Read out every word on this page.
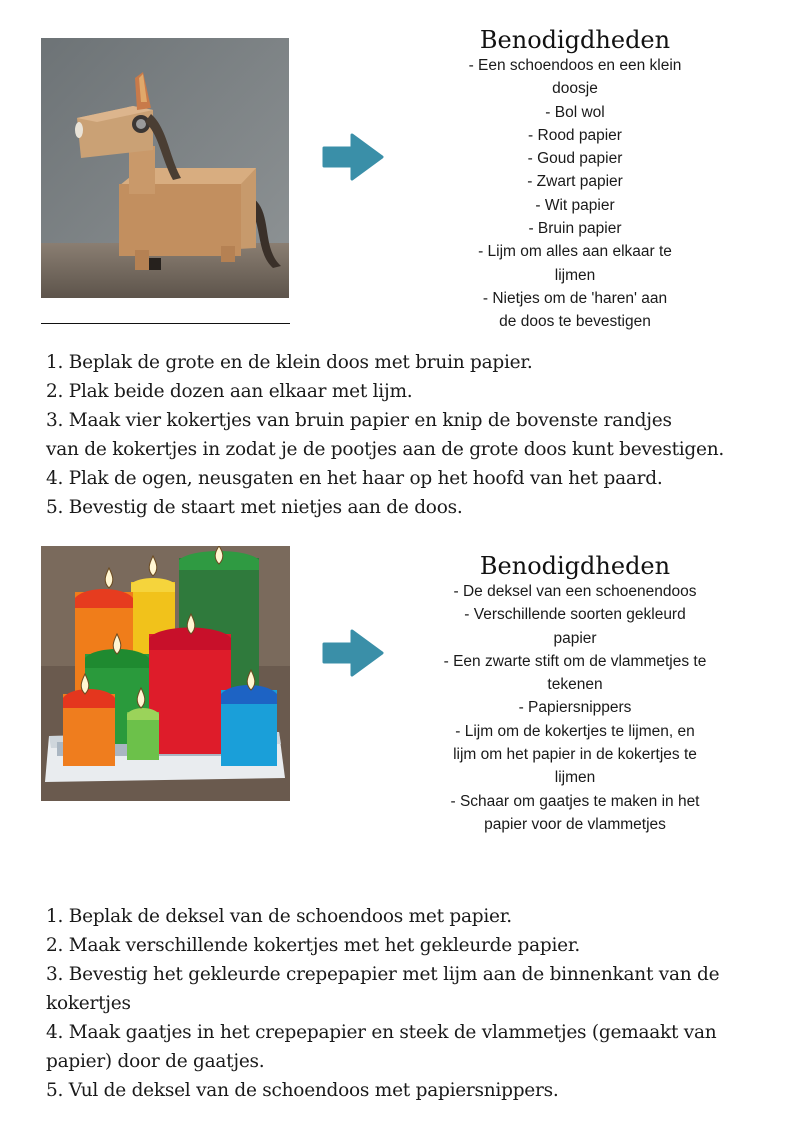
Benodigdheden
- Een schoendoos en een klein
doosje
- Bol wol
- Rood papier
- Goud papier
- Zwart papier
- Wit papier
- Bruin papier
- Lijm om alles aan elkaar te
lijmen
- Nietjes om de 'haren' aan
de doos te bevestigen
1. Beplak de grote en de klein doos met bruin papier.
2. Plak beide dozen aan elkaar met lijm.
3. Maak vier kokertjes van bruin papier en knip de bovenste randjes
van de kokertjes in zodat je de pootjes aan de grote doos kunt bevestigen.
4. Plak de ogen, neusgaten en het haar op het hoofd van het paard.
5. Bevestig de staart met nietjes aan de doos.
Benodigdheden
- De deksel van een schoenendoos
- Verschillende soorten gekleurd
papier
- Een zwarte stift om de vlammetjes te
tekenen
- Papiersnippers
- Lijm om de kokertjes te lijmen, en
lijm om het papier in de kokertjes te
lijmen
- Schaar om gaatjes te maken in het
papier voor de vlammetjes
1. Beplak de deksel van de schoendoos met papier.
2. Maak verschillende kokertjes met het gekleurde papier.
3. Bevestig het gekleurde crepepapier met lijm aan de binnenkant van de
kokertjes
4. Maak gaatjes in het crepepapier en steek de vlammetjes (gemaakt van
papier) door de gaatjes.
5. Vul de deksel van de schoendoos met papiersnippers.
